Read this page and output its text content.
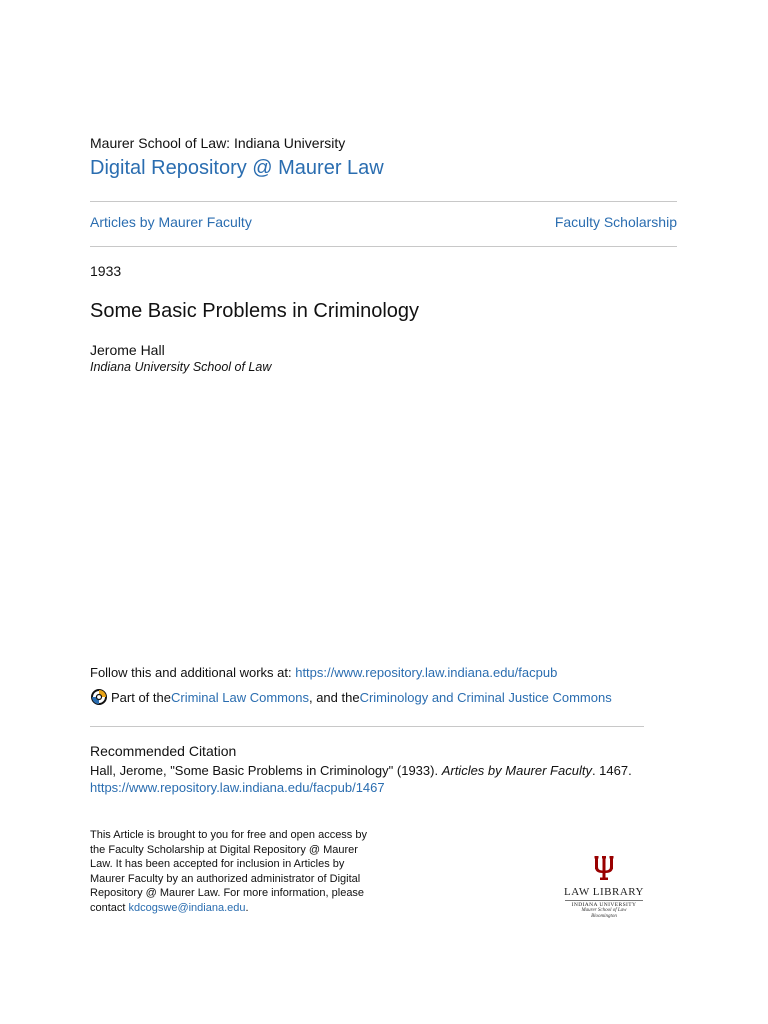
Maurer School of Law: Indiana University
Digital Repository @ Maurer Law
Articles by Maurer Faculty	Faculty Scholarship
1933
Some Basic Problems in Criminology
Jerome Hall
Indiana University School of Law
Follow this and additional works at: https://www.repository.law.indiana.edu/facpub
Part of the Criminal Law Commons , and the Criminology and Criminal Justice Commons
Recommended Citation
Hall, Jerome, "Some Basic Problems in Criminology" (1933). Articles by Maurer Faculty. 1467.
https://www.repository.law.indiana.edu/facpub/1467
This Article is brought to you for free and open access by the Faculty Scholarship at Digital Repository @ Maurer Law. It has been accepted for inclusion in Articles by Maurer Faculty by an authorized administrator of Digital Repository @ Maurer Law. For more information, please contact kdcogswe@indiana.edu.
LAW LIBRARY
INDIANA UNIVERSITY
Maurer School of Law
Bloomington
